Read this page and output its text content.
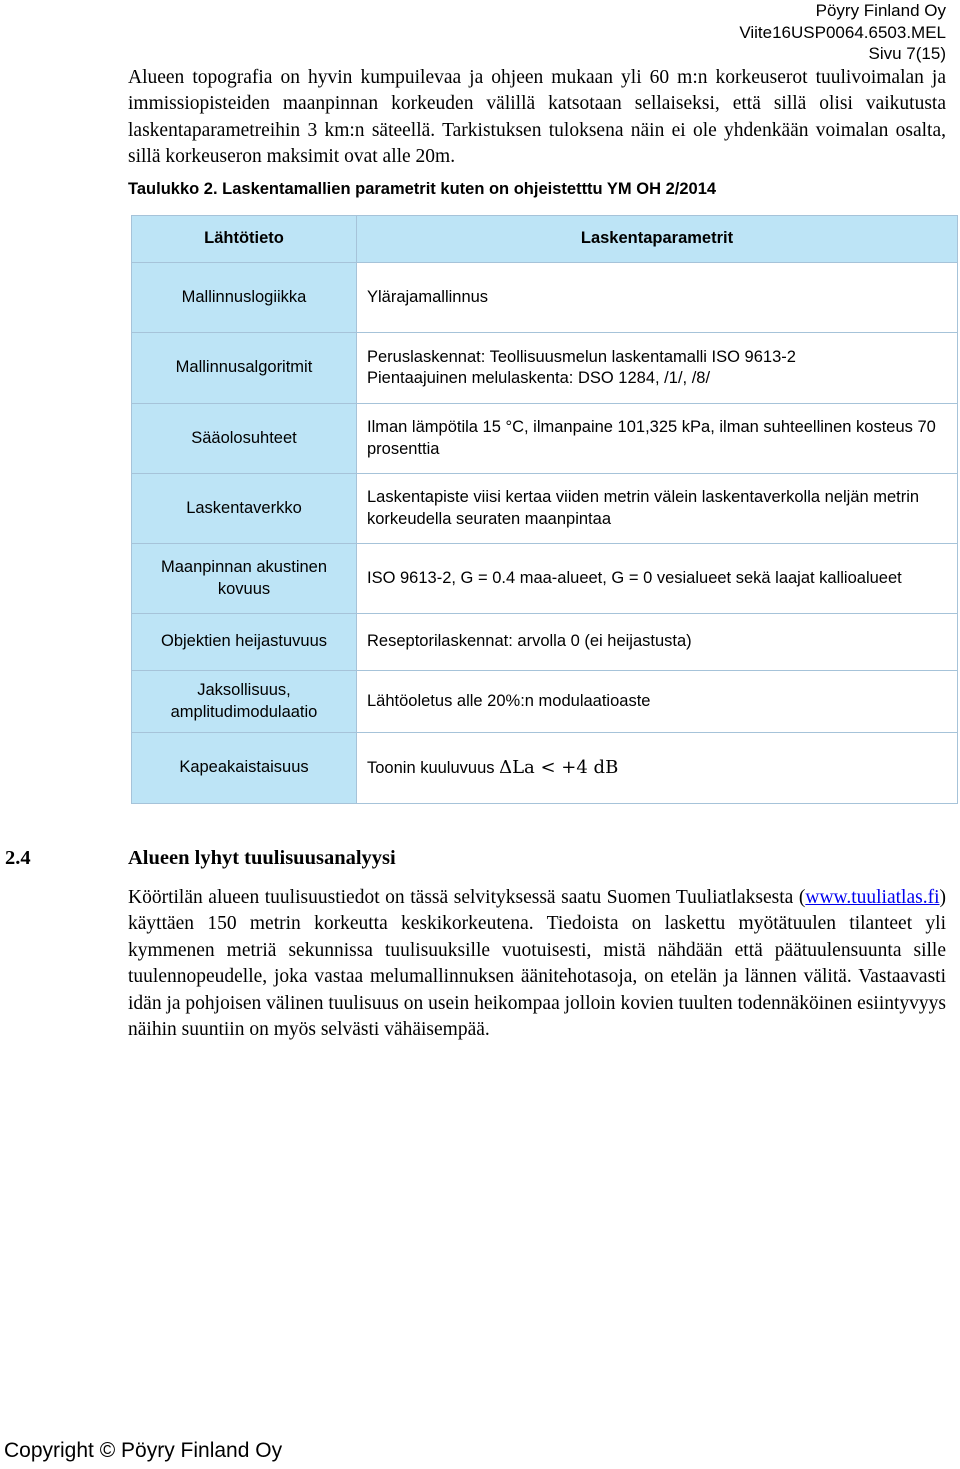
Pöyry Finland Oy
Viite16USP0064.6503.MEL
Sivu 7(15)
Alueen topografia on hyvin kumpuilevaa ja ohjeen mukaan yli 60 m:n korkeuserot tuulivoimalan ja immissiopisteiden maanpinnan korkeuden välillä katsotaan sellaiseksi, että sillä olisi vaikutusta laskentaparametreihin 3 km:n säteellä. Tarkistuksen tuloksena näin ei ole yhdenkään voimalan osalta, sillä korkeuseron maksimit ovat alle 20m.
Taulukko 2. Laskentamallien parametrit kuten on ohjeistetttu YM OH 2/2014
Lähtötieto	Laskentaparametrit
Mallinnuslogiikka	Ylärajamallinnus
Mallinnusalgoritmit	Peruslaskennat: Teollisuusmelun laskentamalli ISO 9613-2
Pientaajuinen melulaskenta: DSO 1284, /1/, /8/

Sääolosuhteet	Ilman lämpötila 15 °C, ilmanpaine 101,325 kPa, ilman suhteellinen kosteus 70 prosenttia
Laskentaverkko	Laskentapiste viisi kertaa viiden metrin välein laskentaverkolla neljän metrin korkeudella seuraten maanpintaa
Maanpinnan akustinen kovuus	ISO 9613-2, G = 0.4 maa-alueet, G = 0 vesialueet sekä laajat kallioalueet
Objektien heijastuvuus	Reseptorilaskennat: arvolla 0 (ei heijastusta)
Jaksollisuus, amplitudimodulaatio	Lähtöoletus alle 20%:n modulaatioaste
Kapeakaistaisuus	Toonin kuuluvuus ΔLa < +4 dB
2.4	Alueen lyhyt tuulisuusanalyysi
Köörtilän alueen tuulisuustiedot on tässä selvityksessä saatu Suomen Tuuliatlaksesta (www.tuuliatlas.fi) käyttäen 150 metrin korkeutta keskikorkeutena. Tiedoista on laskettu myötätuulen tilanteet yli kymmenen metriä sekunnissa tuulisuuksille vuotuisesti, mistä nähdään että päätuulensuunta sille tuulennopeudelle, joka vastaa melumallinnuksen äänitehotasoja, on etelän ja lännen välitä. Vastaavasti idän ja pohjoisen välinen tuulisuus on usein heikompaa jolloin kovien tuulten todennäköinen esiintyvyys näihin suuntiin on myös selvästi vähäisempää.
Copyright © Pöyry Finland Oy
